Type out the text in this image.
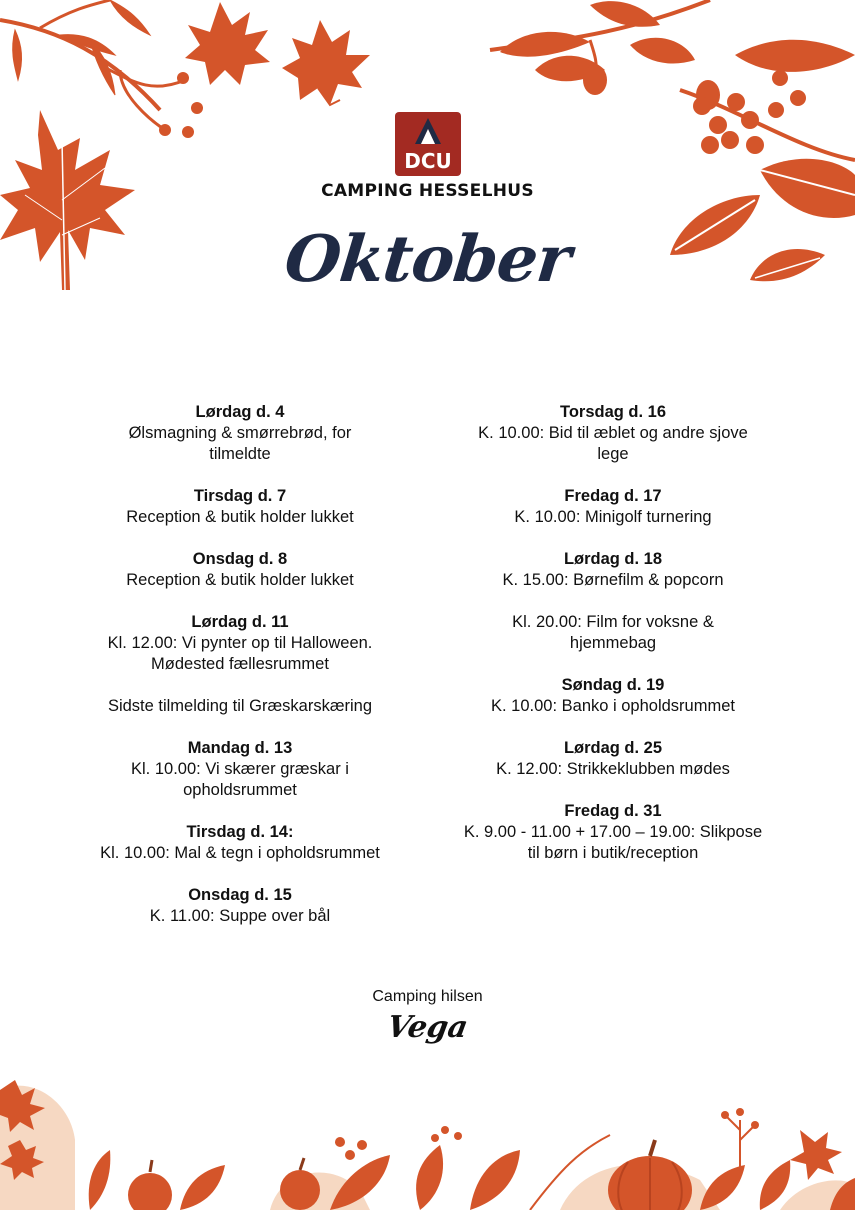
DCU
CAMPING HESSELHUS
Oktober
Lørdag d. 4
Ølsmagning & smørrebrød, for
tilmeldte
Tirsdag d. 7
Reception & butik holder lukket
Onsdag d. 8
Reception & butik holder lukket
Lørdag d. 11
Kl. 12.00: Vi pynter op til Halloween.
Mødested fællesrummet
Sidste tilmelding til Græskarskæring
Mandag d. 13
Kl. 10.00: Vi skærer græskar i
opholdsrummet
Tirsdag d. 14:
Kl. 10.00: Mal & tegn i opholdsrummet
Onsdag d. 15
K. 11.00: Suppe over bål
Torsdag d. 16
K. 10.00: Bid til æblet og andre sjove
lege
Fredag d. 17
K. 10.00: Minigolf turnering
Lørdag d. 18
K. 15.00: Børnefilm & popcorn
Kl. 20.00: Film for voksne &
hjemmebag
Søndag d. 19
K. 10.00: Banko i opholdsrummet
Lørdag d. 25
K. 12.00: Strikkeklubben mødes
Fredag d. 31
K. 9.00 - 11.00 + 17.00 – 19.00: Slikpose
til børn i butik/reception
Camping hilsen
Vega
